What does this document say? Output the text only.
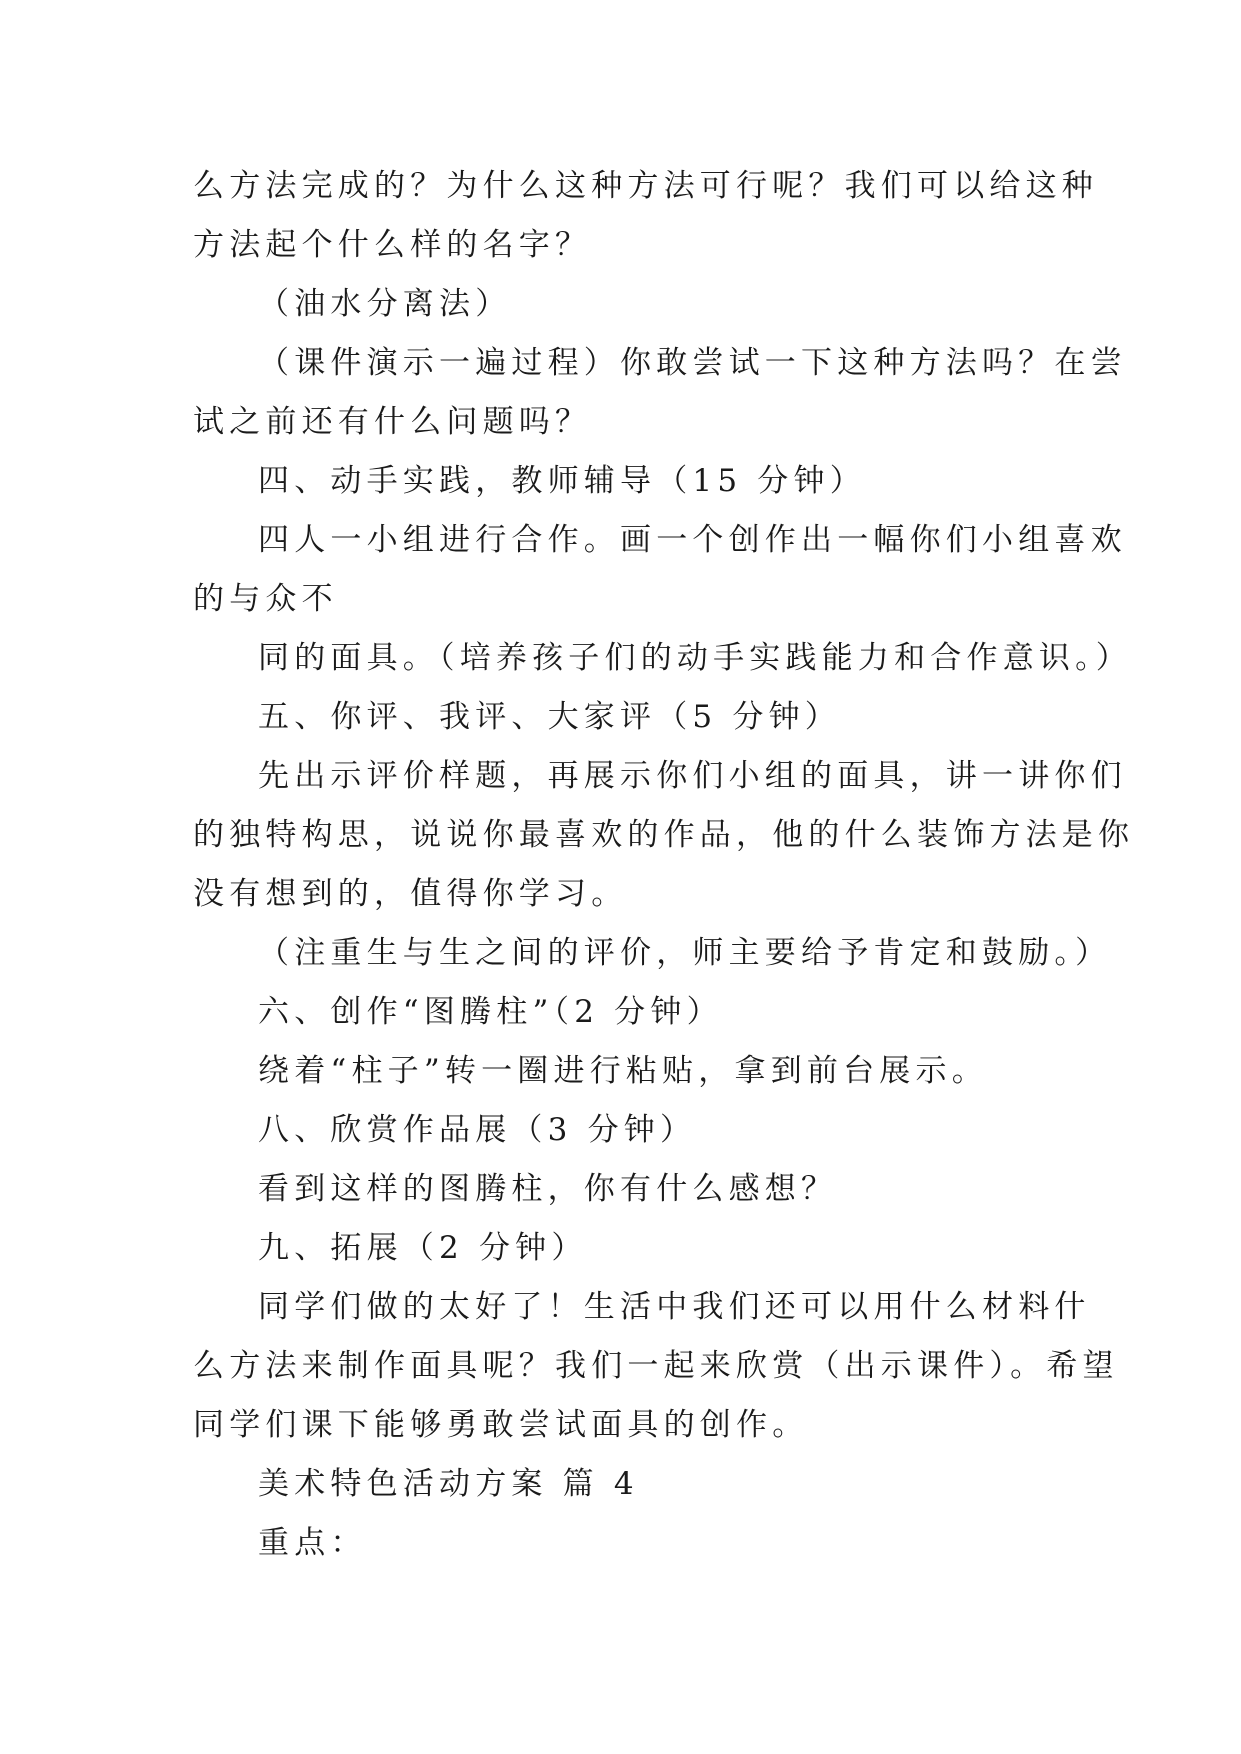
么方法完成的？为什么这种方法可行呢？我们可以给这种
方法起个什么样的名字？
（油水分离法）
（课件演示一遍过程）你敢尝试一下这种方法吗？在尝
试之前还有什么问题吗？
四、动手实践，教师辅导（15 分钟）
四人一小组进行合作。画一个创作出一幅你们小组喜欢
的与众不
同的面具。（培养孩子们的动手实践能力和合作意识。）
五、你评、我评、大家评（5 分钟）
先出示评价样题，再展示你们小组的面具，讲一讲你们
的独特构思，说说你最喜欢的作品，他的什么装饰方法是你
没有想到的，值得你学习。
（注重生与生之间的评价，师主要给予肯定和鼓励。）
六、创作“图腾柱”（2 分钟）
绕着“柱子”转一圈进行粘贴，拿到前台展示。
八、欣赏作品展（3 分钟）
看到这样的图腾柱，你有什么感想？
九、拓展（2 分钟）
同学们做的太好了！生活中我们还可以用什么材料什
么方法来制作面具呢？我们一起来欣赏（出示课件）。希望
同学们课下能够勇敢尝试面具的创作。
美术特色活动方案 篇 4
重点：
